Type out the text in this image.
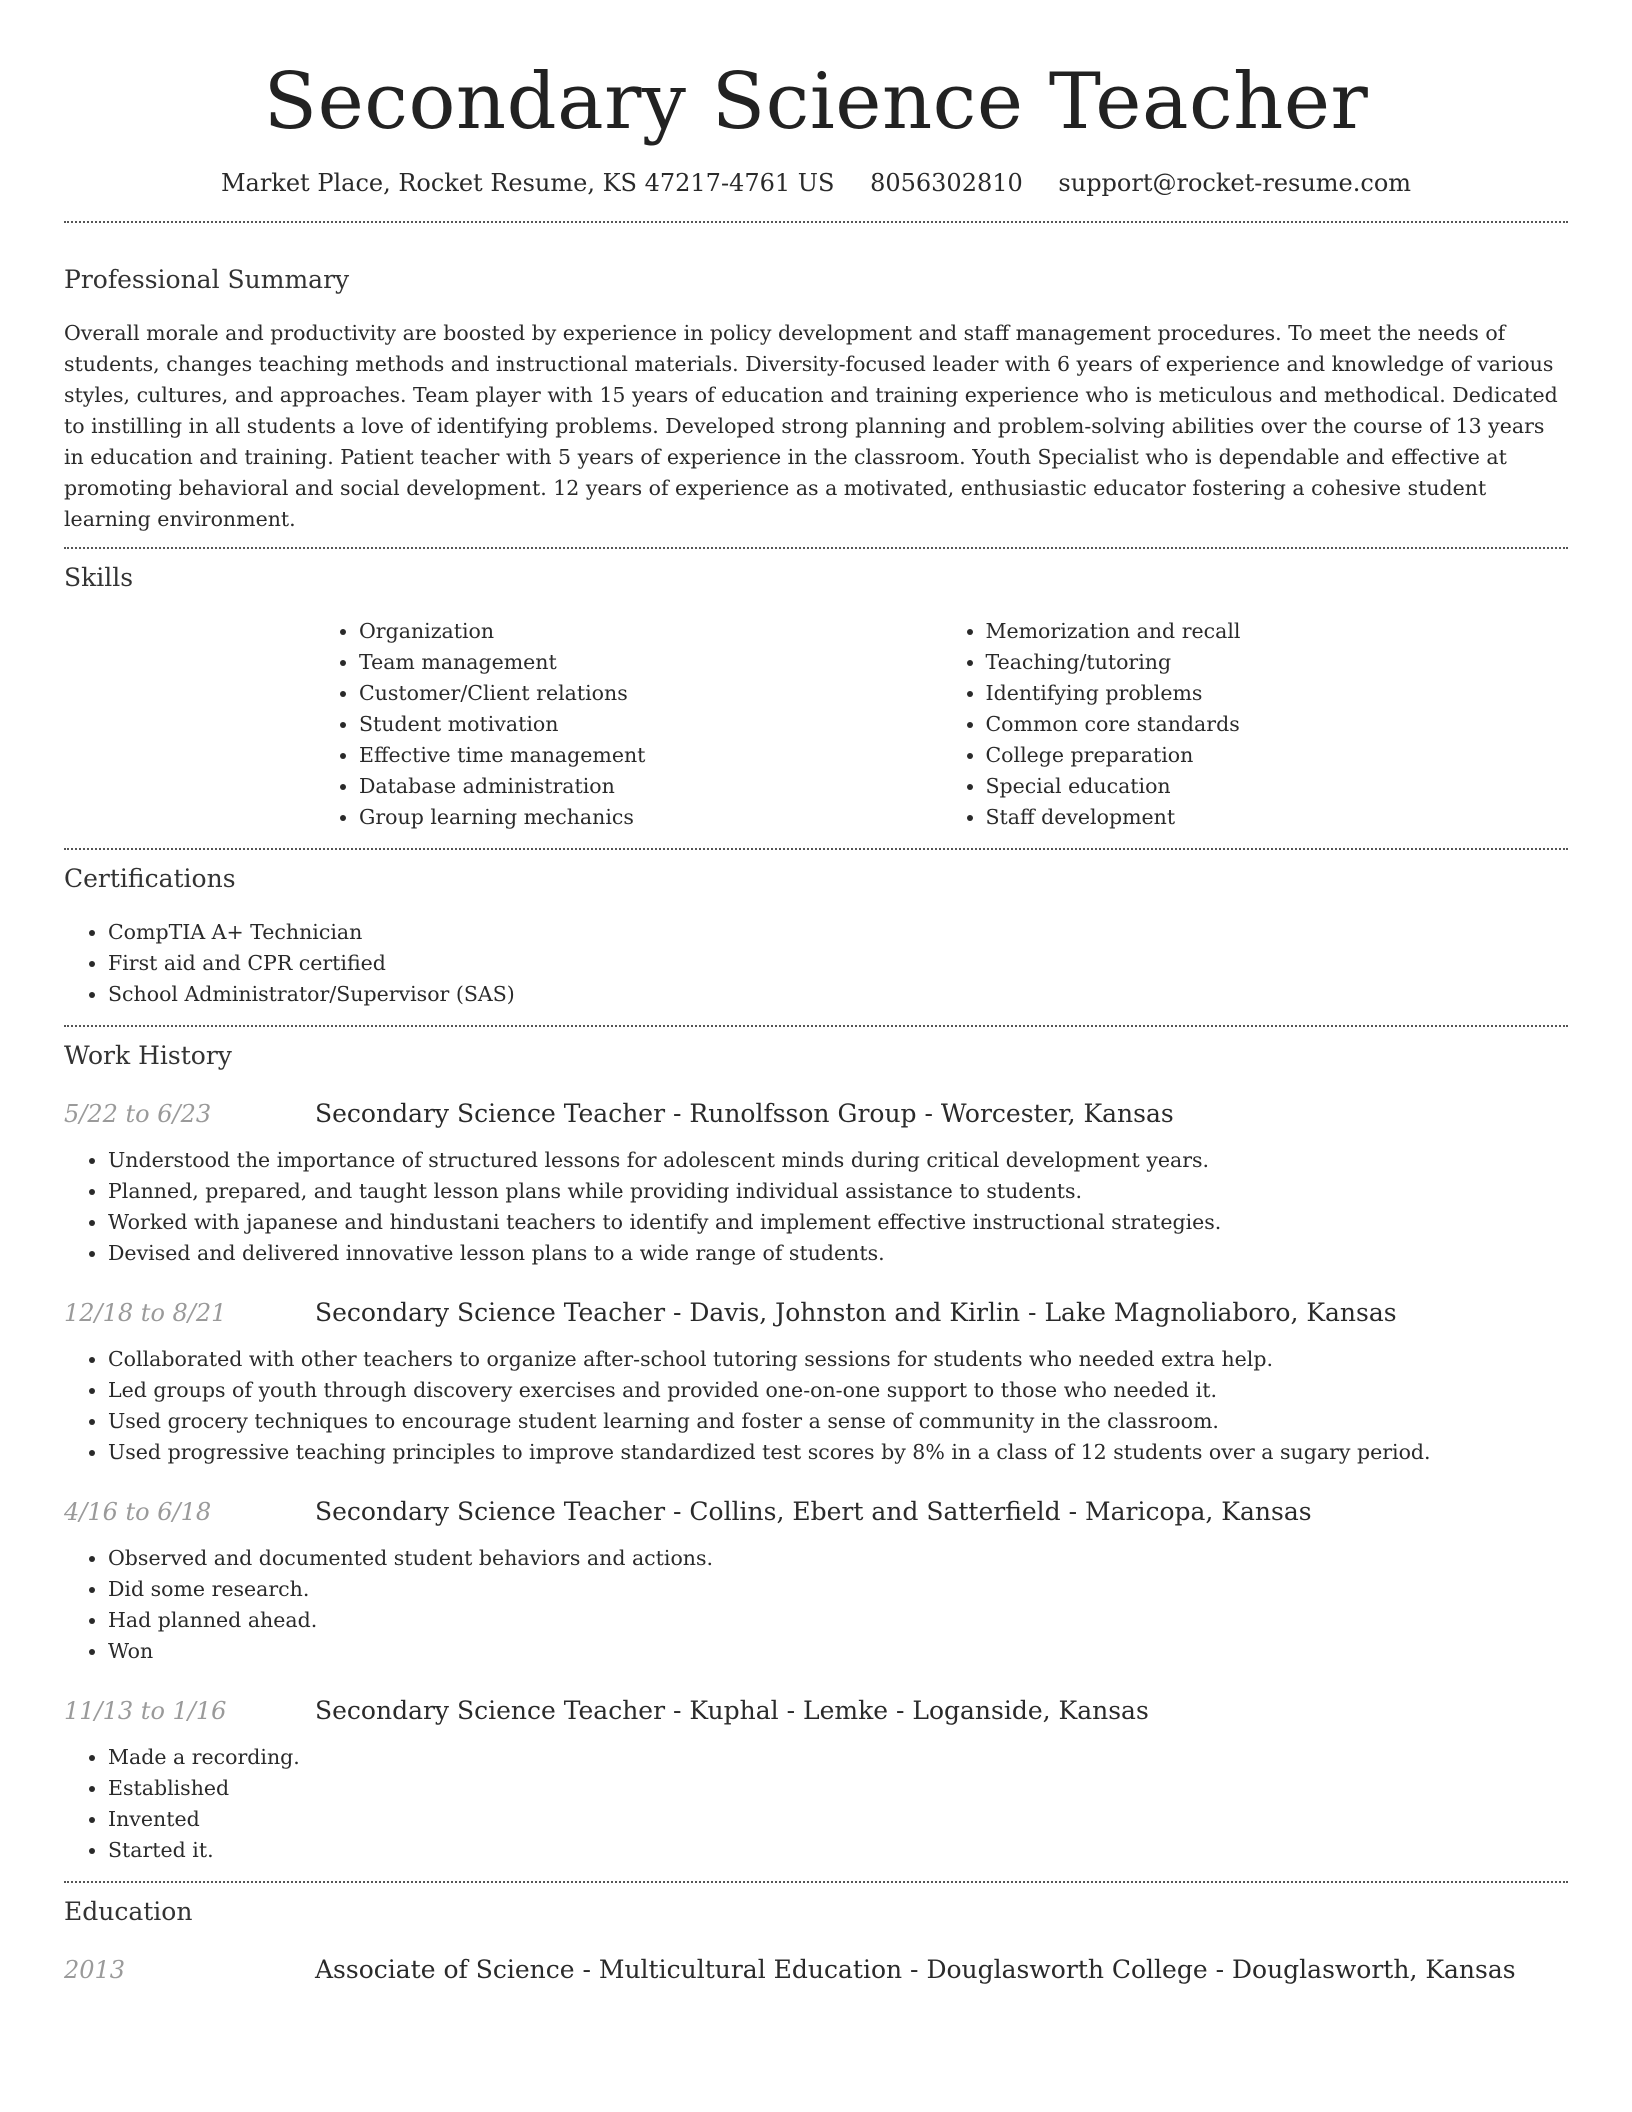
Secondary Science Teacher
Market Place, Rocket Resume, KS 47217-4761 US 8056302810 support@rocket-resume.com
Professional Summary

Overall morale and productivity are boosted by experience in policy development and staff management procedures. To meet the needs of students, changes teaching methods and instructional materials. Diversity-focused leader with 6 years of experience and knowledge of various styles, cultures, and approaches. Team player with 15 years of education and training experience who is meticulous and methodical. Dedicated to instilling in all students a love of identifying problems. Developed strong planning and problem-solving abilities over the course of 13 years in education and training. Patient teacher with 5 years of experience in the classroom. Youth Specialist who is dependable and effective at promoting behavioral and social development. 12 years of experience as a motivated, enthusiastic educator fostering a cohesive student learning environment.

Skills
• Organization
• Team management
• Customer/Client relations
• Student motivation
• Effective time management
• Database administration
• Group learning mechanics
• Memorization and recall
• Teaching/tutoring
• Identifying problems
• Common core standards
• College preparation
• Special education
• Staff development
Certifications
• CompTIA A+ Technician
• First aid and CPR certified
• School Administrator/Supervisor (SAS)
Work History
5/22 to 6/23	Secondary Science Teacher - Runolfsson Group - Worcester, Kansas
• Understood the importance of structured lessons for adolescent minds during critical development years.
• Planned, prepared, and taught lesson plans while providing individual assistance to students.
• Worked with japanese and hindustani teachers to identify and implement effective instructional strategies.
• Devised and delivered innovative lesson plans to a wide range of students.
12/18 to 8/21	Secondary Science Teacher - Davis, Johnston and Kirlin - Lake Magnoliaboro, Kansas
• Collaborated with other teachers to organize after-school tutoring sessions for students who needed extra help.
• Led groups of youth through discovery exercises and provided one-on-one support to those who needed it.
• Used grocery techniques to encourage student learning and foster a sense of community in the classroom.
• Used progressive teaching principles to improve standardized test scores by 8% in a class of 12 students over a sugary period.
4/16 to 6/18	Secondary Science Teacher - Collins, Ebert and Satterfield - Maricopa, Kansas
• Observed and documented student behaviors and actions.
• Did some research.
• Had planned ahead.
• Won
11/13 to 1/16	Secondary Science Teacher - Kuphal - Lemke - Loganside, Kansas
• Made a recording.
• Established
• Invented
• Started it.
Education
2013	Associate of Science - Multicultural Education - Douglasworth College - Douglasworth, Kansas
